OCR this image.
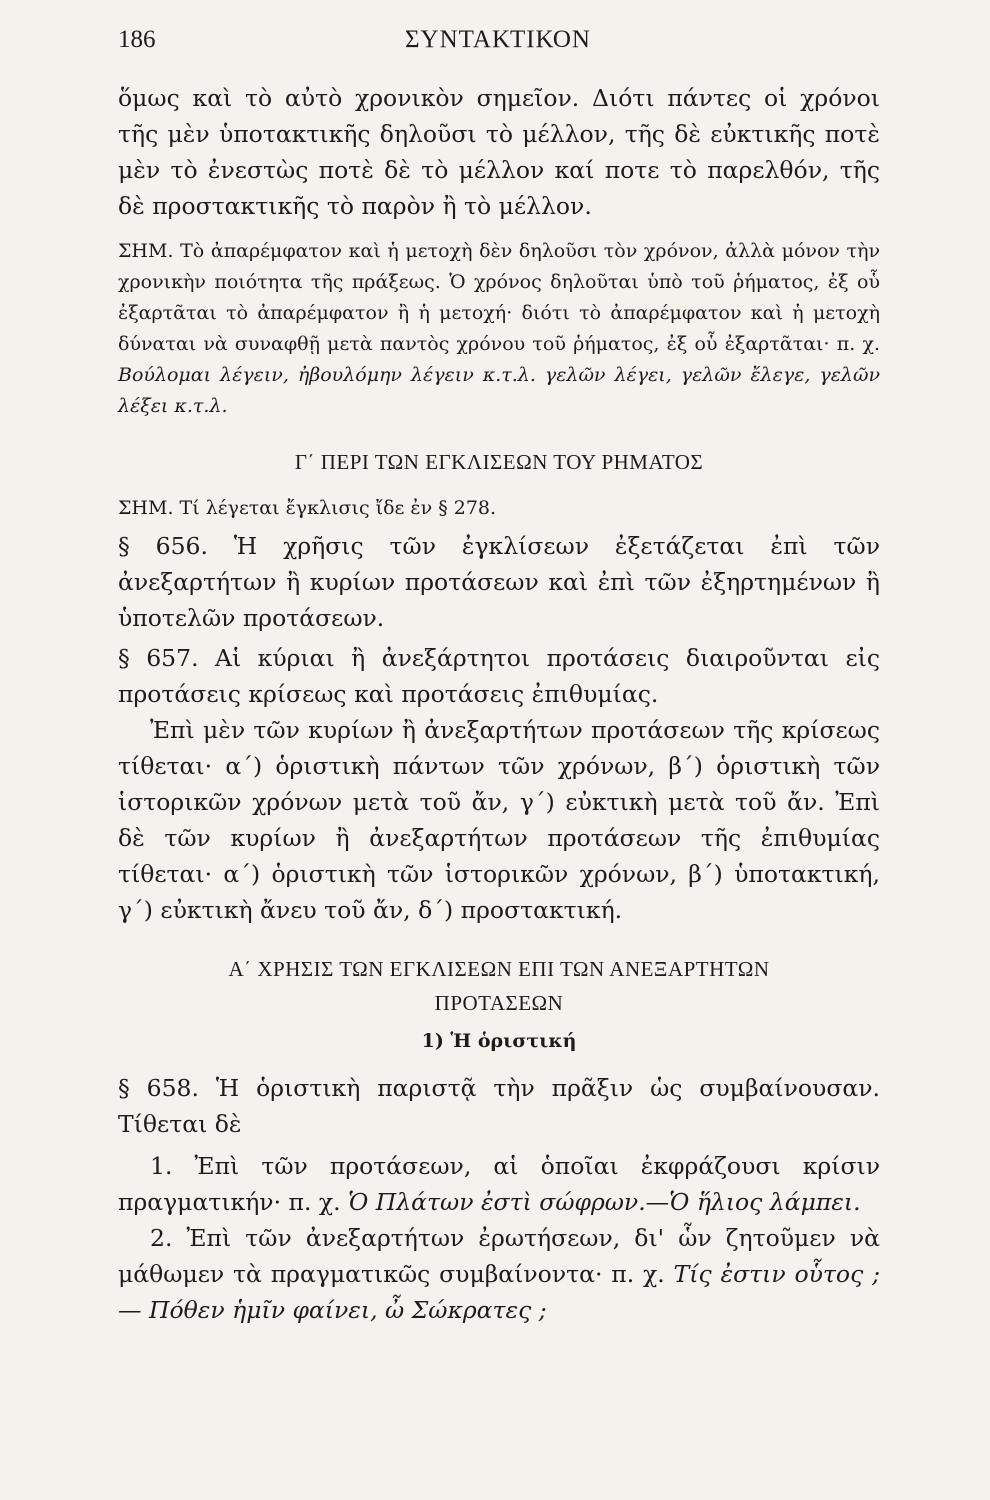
186	ΣΥΝΤΑΚΤΙΚΟΝ

ὅμως καὶ τὸ αὐτὸ χρονικὸν σημεῖον. Διότι πάντες οἱ χρόνοι τῆς μὲν ὑποτακτικῆς δηλοῦσι τὸ μέλλον, τῆς δὲ εὐκτικῆς ποτὲ μὲν τὸ ἐνεστὼς ποτὲ δὲ τὸ μέλλον καί ποτε τὸ παρελθόν, τῆς δὲ προστακτικῆς τὸ παρὸν ἢ τὸ μέλλον.

ΣΗΜ. Τὸ ἀπαρέμφατον καὶ ἡ μετοχὴ δὲν δηλοῦσι τὸν χρόνον, ἀλλὰ μόνον τὴν χρονικὴν ποιότητα τῆς πράξεως. Ὁ χρόνος δηλοῦται ὑπὸ τοῦ ῥήματος, ἐξ οὗ ἐξαρτᾶται τὸ ἀπαρέμφατον ἢ ἡ μετοχή· διότι τὸ ἀπαρέμφατον καὶ ἡ μετοχὴ δύναται νὰ συναφθῇ μετὰ παντὸς χρόνου τοῦ ῥήματος, ἐξ οὗ ἐξαρτᾶται· π. χ. Βούλομαι λέγειν, ἠβουλόμην λέγειν κ.τ.λ. γελῶν λέγει, γελῶν ἔλεγε, γελῶν λέξει κ.τ.λ.

Γ΄ ΠΕΡΙ ΤΩΝ ΕΓΚΛΙΣΕΩΝ ΤΟΥ ΡΗΜΑΤΟΣ

ΣΗΜ. Τί λέγεται ἔγκλισις ἴδε ἐν § 278.

§ 656. Ἡ χρῆσις τῶν ἐγκλίσεων ἐξετάζεται ἐπὶ τῶν ἀνεξαρτήτων ἢ κυρίων προτάσεων καὶ ἐπὶ τῶν ἐξηρτημένων ἢ ὑποτελῶν προτάσεων.

§ 657. Αἱ κύριαι ἢ ἀνεξάρτητοι προτάσεις διαιροῦνται εἰς προτάσεις κρίσεως καὶ προτάσεις ἐπιθυμίας.

Ἐπὶ μὲν τῶν κυρίων ἢ ἀνεξαρτήτων προτάσεων τῆς κρίσεως τίθεται· α΄) ὁριστικὴ πάντων τῶν χρόνων, β΄) ὁριστικὴ τῶν ἱστορικῶν χρόνων μετὰ τοῦ ἄν, γ΄) εὐκτικὴ μετὰ τοῦ ἄν. Ἐπὶ δὲ τῶν κυρίων ἢ ἀνεξαρτήτων προτάσεων τῆς ἐπιθυμίας τίθεται· α΄) ὁριστικὴ τῶν ἱστορικῶν χρόνων, β΄) ὑποτακτική, γ΄) εὐκτικὴ ἄνευ τοῦ ἄν, δ΄) προστακτική.

Α΄ ΧΡΗΣΙΣ ΤΩΝ ΕΓΚΛΙΣΕΩΝ ΕΠΙ ΤΩΝ ΑΝΕΞΑΡΤΗΤΩΝ
ΠΡΟΤΑΣΕΩΝ

1) Ἡ ὁριστική

§ 658. Ἡ ὁριστικὴ παριστᾷ τὴν πρᾶξιν ὡς συμβαίνουσαν. Τίθεται δὲ

1. Ἐπὶ τῶν προτάσεων, αἱ ὁποῖαι ἐκφράζουσι κρίσιν πραγματικήν· π. χ. Ὁ Πλάτων ἐστὶ σώφρων.—Ὁ ἥλιος λάμπει.

2. Ἐπὶ τῶν ἀνεξαρτήτων ἐρωτήσεων, δι' ὧν ζητοῦμεν νὰ μάθωμεν τὰ πραγματικῶς συμβαίνοντα· π. χ. Τίς ἐστιν οὗτος ; — Πόθεν ἡμῖν φαίνει, ὦ Σώκρατες ;
